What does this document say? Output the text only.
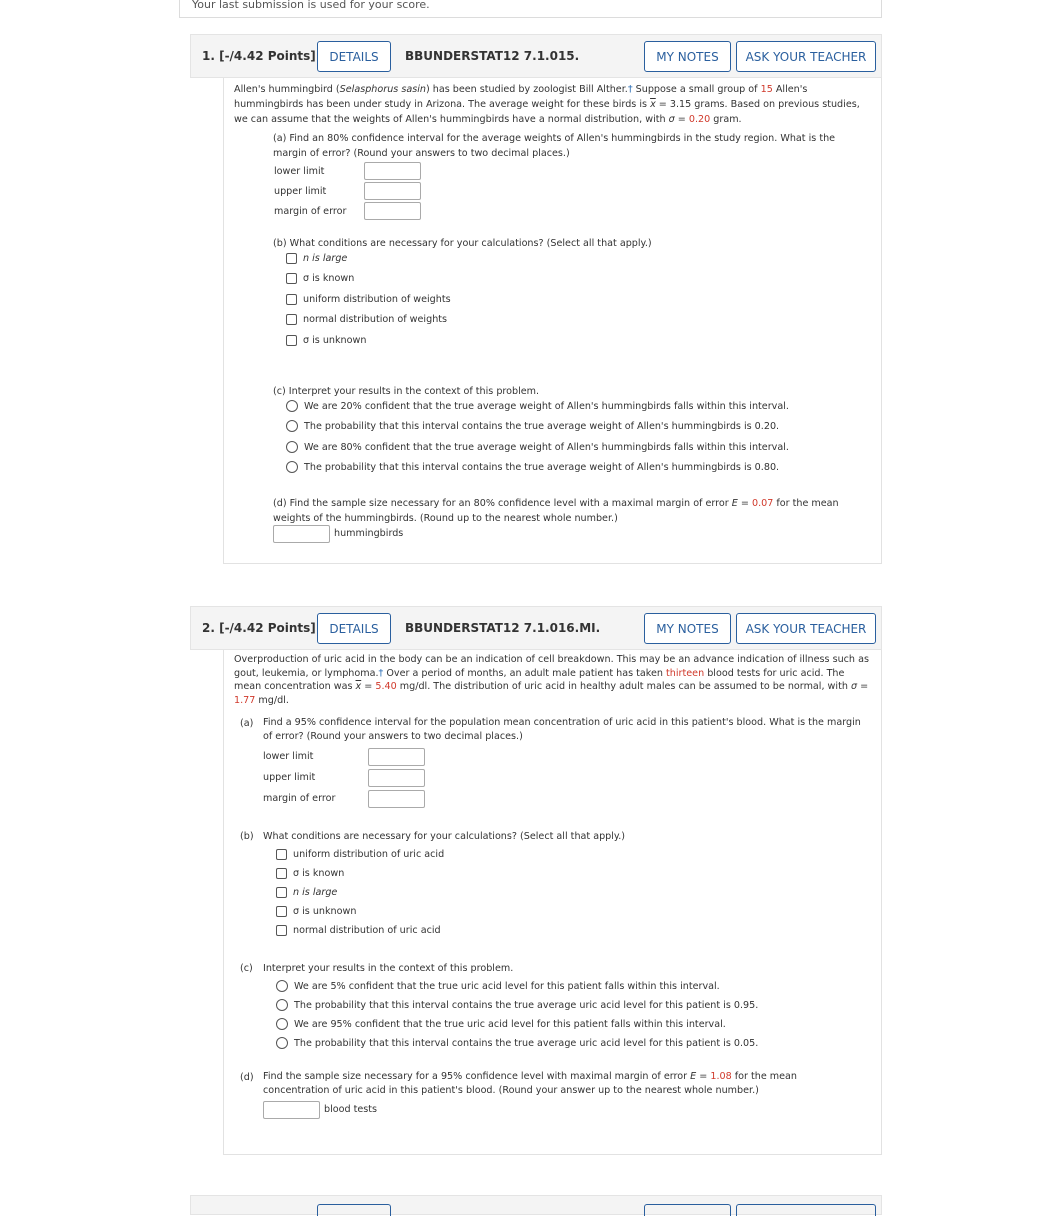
Your last submission is used for your score.
1. [-/4.42 Points]	DETAILS	BBUNDERSTAT12 7.1.015.	MY NOTES	ASK YOUR TEACHER
Allen's hummingbird (Selasphorus sasin) has been studied by zoologist Bill Alther.† Suppose a small group of 15 Allen's hummingbirds has been under study in Arizona. The average weight for these birds is $\overline{x} = 3.15$ grams. Based on previous studies, we can assume that the weights of Allen's hummingbirds have a normal distribution, with σ = 0.20 gram.
(a) Find an 80% confidence interval for the average weights of Allen's hummingbirds in the study region. What is the margin of error? (Round your answers to two decimal places.)
lower limit
upper limit
margin of error
(b) What conditions are necessary for your calculations? (Select all that apply.)
n is large
σ is known
uniform distribution of weights
normal distribution of weights
σ is unknown
(c) Interpret your results in the context of this problem.
We are 20% confident that the true average weight of Allen's hummingbirds falls within this interval.
The probability that this interval contains the true average weight of Allen's hummingbirds is 0.20.
We are 80% confident that the true average weight of Allen's hummingbirds falls within this interval.
The probability that this interval contains the true average weight of Allen's hummingbirds is 0.80.
(d) Find the sample size necessary for an 80% confidence level with a maximal margin of error E = 0.07 for the mean weights of the hummingbirds. (Round up to the nearest whole number.)
hummingbirds
2. [-/4.42 Points]	DETAILS	BBUNDERSTAT12 7.1.016.MI.	MY NOTES	ASK YOUR TEACHER
Overproduction of uric acid in the body can be an indication of cell breakdown. This may be an advance indication of illness such as gout, leukemia, or lymphoma.† Over a period of months, an adult male patient has taken thirteen blood tests for uric acid. The mean concentration was $\overline{x} = 5.40$ mg/dl. The distribution of uric acid in healthy adult males can be assumed to be normal, with σ = 1.77 mg/dl.
(a) Find a 95% confidence interval for the population mean concentration of uric acid in this patient's blood. What is the margin of error? (Round your answers to two decimal places.)
lower limit
upper limit
margin of error
(b) What conditions are necessary for your calculations? (Select all that apply.)
uniform distribution of uric acid
σ is known
n is large
σ is unknown
normal distribution of uric acid
(c) Interpret your results in the context of this problem.
We are 5% confident that the true uric acid level for this patient falls within this interval.
The probability that this interval contains the true average uric acid level for this patient is 0.95.
We are 95% confident that the true uric acid level for this patient falls within this interval.
The probability that this interval contains the true average uric acid level for this patient is 0.05.
(d) Find the sample size necessary for a 95% confidence level with maximal margin of error E = 1.08 for the mean concentration of uric acid in this patient's blood. (Round your answer up to the nearest whole number.)
blood tests
